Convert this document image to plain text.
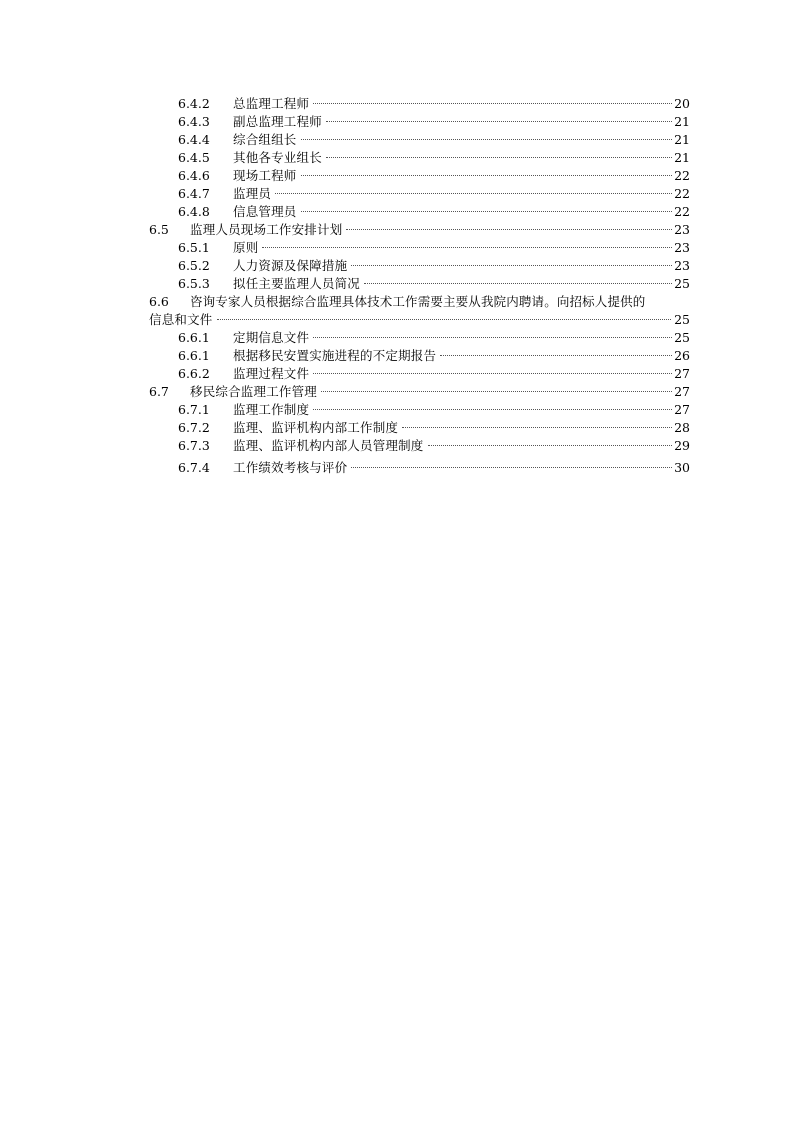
6.4.2 总监理工程师	20
6.4.3 副总监理工程师	21
6.4.4 综合组组长	21
6.4.5 其他各专业组长	21
6.4.6 现场工程师	22
6.4.7 监理员	22
6.4.8 信息管理员	22
6.5 监理人员现场工作安排计划	23
6.5.1 原则	23
6.5.2 人力资源及保障措施	23
6.5.3 拟任主要监理人员简况	25
6.6 咨询专家人员根据综合监理具体技术工作需要主要从我院内聘请。向招标人提供的
信息和文件	25
6.6.1 定期信息文件	25
6.6.1 根据移民安置实施进程的不定期报告	26
6.6.2 监理过程文件	27
6.7 移民综合监理工作管理	27
6.7.1 监理工作制度	27
6.7.2 监理、监评机构内部工作制度	28
6.7.3 监理、监评机构内部人员管理制度	29
6.7.4 工作绩效考核与评价	30
